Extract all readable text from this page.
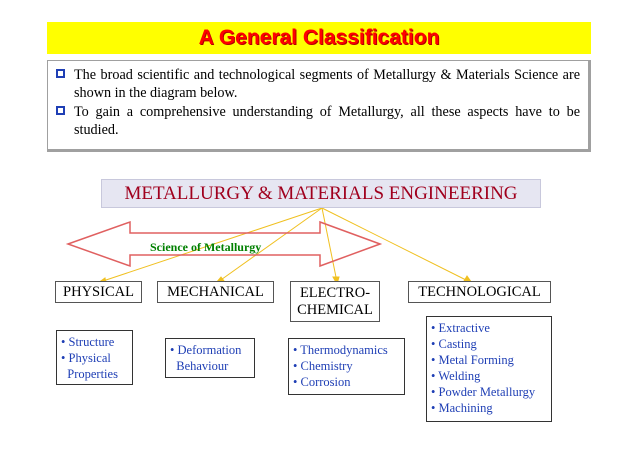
A General Classification
The broad scientific and technological segments of Metallurgy & Materials Science are shown in the diagram below.
To gain a comprehensive understanding of Metallurgy, all these aspects have to be studied.
METALLURGY & MATERIALS ENGINEERING
Science of Metallurgy
PHYSICAL	MECHANICAL	ELECTRO-
CHEMICAL
TECHNOLOGICAL
• Structure
• Physical
Properties
• Deformation
Behaviour
• Thermodynamics
• Chemistry
• Corrosion
• Extractive
• Casting
• Metal Forming
• Welding
• Powder Metallurgy
• Machining
